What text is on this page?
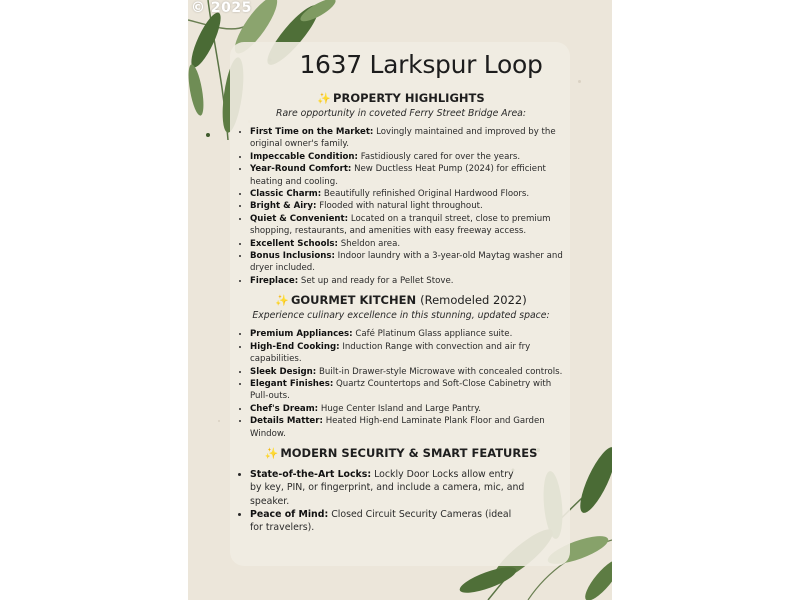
© 2025
1637 Larkspur Loop
✨ PROPERTY HIGHLIGHTS
Rare opportunity in coveted Ferry Street Bridge Area:
• First Time on the Market: Lovingly maintained and improved by the original owner's family.
• Impeccable Condition: Fastidiously cared for over the years.
• Year-Round Comfort: New Ductless Heat Pump (2024) for efficient heating and cooling.
• Classic Charm: Beautifully refinished Original Hardwood Floors.
• Bright & Airy: Flooded with natural light throughout.
• Quiet & Convenient: Located on a tranquil street, close to premium shopping, restaurants, and amenities with easy freeway access.
• Excellent Schools: Sheldon area.
• Bonus Inclusions: Indoor laundry with a 3-year-old Maytag washer and dryer included.
• Fireplace: Set up and ready for a Pellet Stove.
✨ GOURMET KITCHEN (Remodeled 2022)
Experience culinary excellence in this stunning, updated space:
• Premium Appliances: Café Platinum Glass appliance suite.
• High-End Cooking: Induction Range with convection and air fry capabilities.
• Sleek Design: Built-in Drawer-style Microwave with concealed controls.
• Elegant Finishes: Quartz Countertops and Soft-Close Cabinetry with Pull-outs.
• Chef's Dream: Huge Center Island and Large Pantry.
• Details Matter: Heated High-end Laminate Plank Floor and Garden Window.
✨ MODERN SECURITY & SMART FEATURES
• State-of-the-Art Locks: Lockly Door Locks allow entry by key, PIN, or fingerprint, and include a camera, mic, and speaker.
• Peace of Mind: Closed Circuit Security Cameras (ideal for travelers).
